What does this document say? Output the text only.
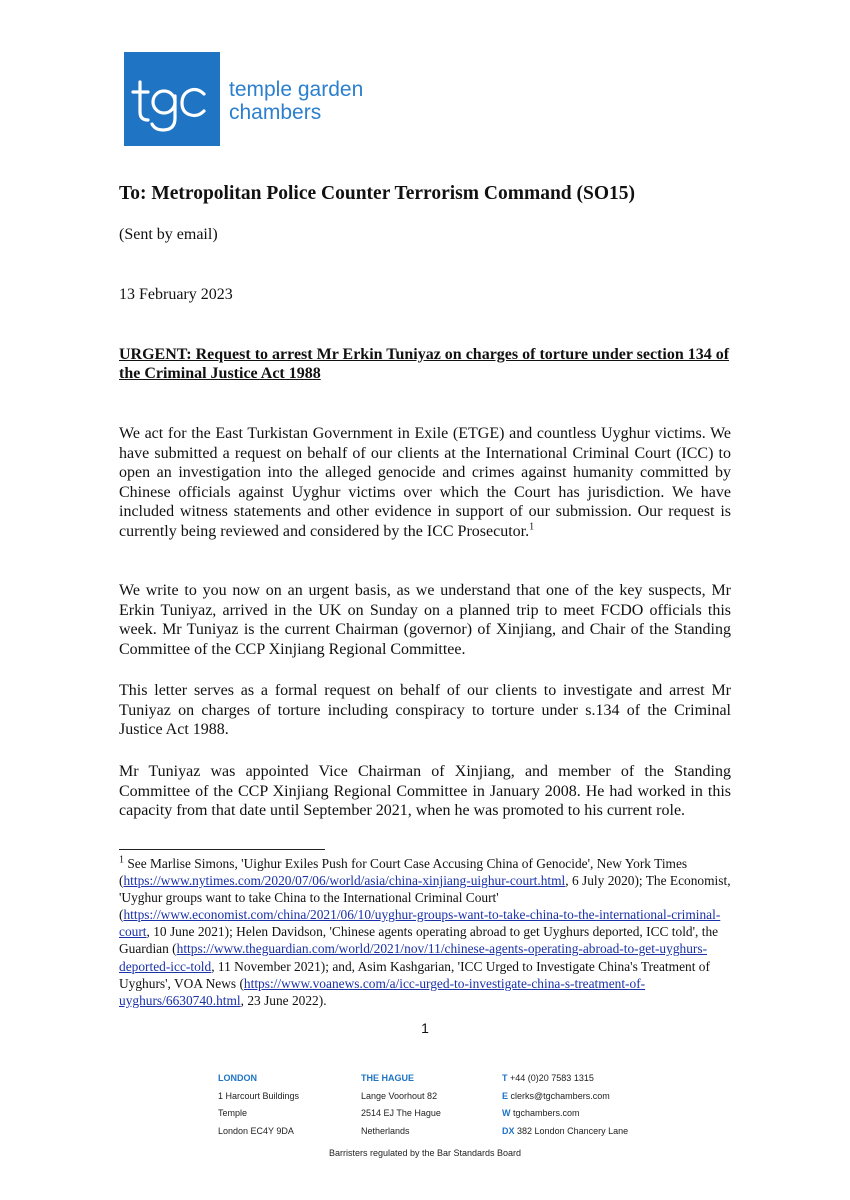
temple garden
chambers
To: Metropolitan Police Counter Terrorism Command (SO15)
(Sent by email)
13 February 2023
URGENT: Request to arrest Mr Erkin Tuniyaz on charges of torture under section 134 of the Criminal Justice Act 1988
We act for the East Turkistan Government in Exile (ETGE) and countless Uyghur victims. We have submitted a request on behalf of our clients at the International Criminal Court (ICC) to open an investigation into the alleged genocide and crimes against humanity committed by Chinese officials against Uyghur victims over which the Court has jurisdiction. We have included witness statements and other evidence in support of our submission. Our request is currently being reviewed and considered by the ICC Prosecutor.$^1$
We write to you now on an urgent basis, as we understand that one of the key suspects, Mr Erkin Tuniyaz, arrived in the UK on Sunday on a planned trip to meet FCDO officials this week. Mr Tuniyaz is the current Chairman (governor) of Xinjiang, and Chair of the Standing Committee of the CCP Xinjiang Regional Committee.
This letter serves as a formal request on behalf of our clients to investigate and arrest Mr Tuniyaz on charges of torture including conspiracy to torture under s.134 of the Criminal Justice Act 1988.
Mr Tuniyaz was appointed Vice Chairman of Xinjiang, and member of the Standing Committee of the CCP Xinjiang Regional Committee in January 2008. He had worked in this capacity from that date until September 2021, when he was promoted to his current role.
$^1$ See Marlise Simons, 'Uighur Exiles Push for Court Case Accusing China of Genocide', New York Times (https://www.nytimes.com/2020/07/06/world/asia/china-xinjiang-uighur-court.html, 6 July 2020); The Economist, 'Uyghur groups want to take China to the International Criminal Court' (https://www.economist.com/china/2021/06/10/uyghur-groups-want-to-take-china-to-the-international-criminal-court, 10 June 2021); Helen Davidson, 'Chinese agents operating abroad to get Uyghurs deported, ICC told', the Guardian (https://www.theguardian.com/world/2021/nov/11/chinese-agents-operating-abroad-to-get-uyghurs-deported-icc-told, 11 November 2021); and, Asim Kashgarian, 'ICC Urged to Investigate China's Treatment of Uyghurs', VOA News (https://www.voanews.com/a/icc-urged-to-investigate-china-s-treatment-of-uyghurs/6630740.html, 23 June 2022).
1
LONDON
1 Harcourt Buildings
Temple
London EC4Y 9DA
THE HAGUE
Lange Voorhout 82
2514 EJ The Hague
Netherlands
T +44 (0)20 7583 1315
E clerks@tgchambers.com
W tgchambers.com
DX 382 London Chancery Lane
Barristers regulated by the Bar Standards Board
